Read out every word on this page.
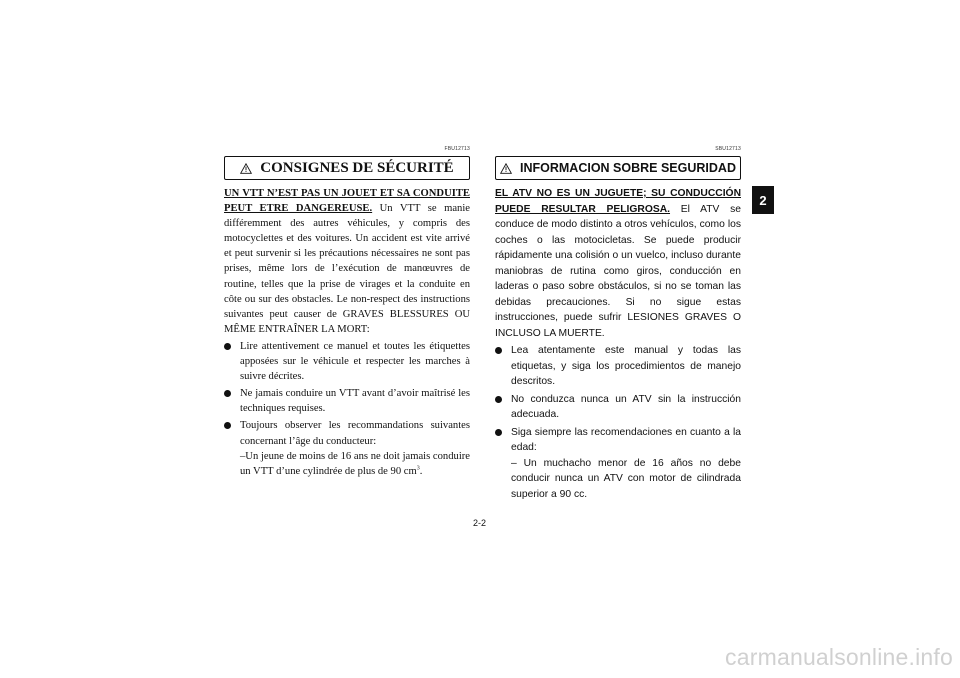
FBU12713
CONSIGNES DE SÉCURITÉ

UN VTT N’EST PAS UN JOUET ET SA CONDUITE PEUT ETRE DANGEREUSE. Un VTT se manie différemment des autres véhicules, y compris des motocyclettes et des voitures. Un accident est vite arrivé et peut survenir si les précautions nécessaires ne sont pas prises, même lors de l’exécution de manœuvres de routine, telles que la prise de virages et la conduite en côte ou sur des obstacles. Le non-respect des instructions suivantes peut causer de GRAVES BLESSURES OU MÊME ENTRAÎNER LA MORT:

Lire attentivement ce manuel et toutes les étiquettes apposées sur le véhicule et respecter les marches à suivre décrites.
Ne jamais conduire un VTT avant d’avoir maîtrisé les techniques requises.
Toujours observer les recommandations suivantes concernant l’âge du conducteur:
–Un jeune de moins de 16 ans ne doit jamais conduire un VTT d’une cylindrée de plus de 90 $cm^3$.
SBU12713
INFORMACION SOBRE SEGURIDAD

EL ATV NO ES UN JUGUETE; SU CONDUCCIÓN PUEDE RESULTAR PELIGROSA. El ATV se conduce de modo distinto a otros vehículos, como los coches o las motocicletas. Se puede producir rápidamente una colisión o un vuelco, incluso durante maniobras de rutina como giros, conducción en laderas o paso sobre obstáculos, si no se toman las debidas precauciones. Si no sigue estas instrucciones, puede sufrir LESIONES GRAVES O INCLUSO LA MUERTE.

Lea atentamente este manual y todas las etiquetas, y siga los procedimientos de manejo descritos.
No conduzca nunca un ATV sin la instrucción adecuada.
Siga siempre las recomendaciones en cuanto a la edad:
– Un muchacho menor de 16 años no debe conducir nunca un ATV con motor de cilindrada superior a 90 cc.
2-2
2
carmanualsonline.info
